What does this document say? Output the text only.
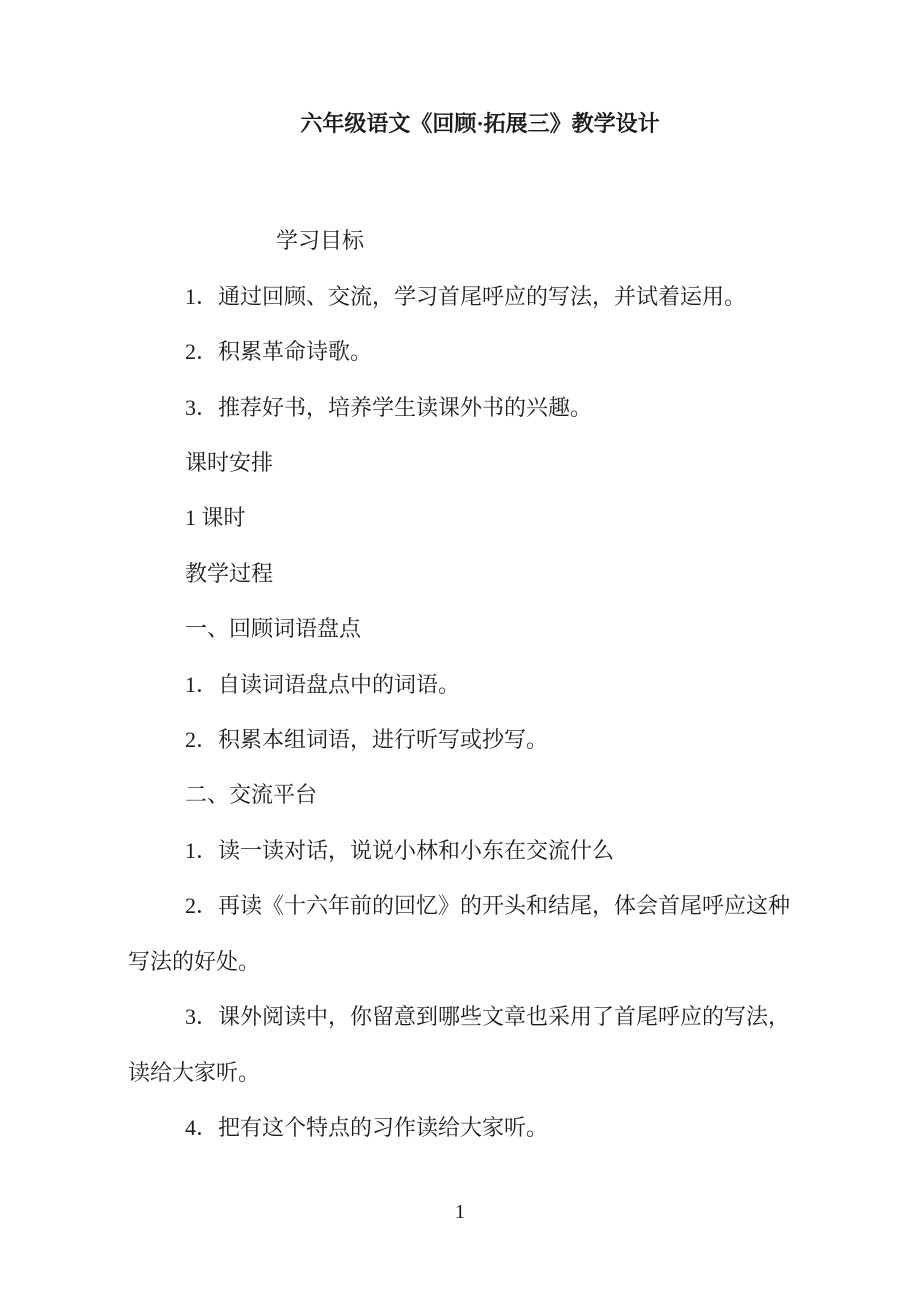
六年级语文《回顾·拓展三》教学设计

学习目标

1．通过回顾、交流，学习首尾呼应的写法，并试着运用。

2．积累革命诗歌。

3．推荐好书，培养学生读课外书的兴趣。

课时安排

1 课时

教学过程

一、回顾词语盘点

1．自读词语盘点中的词语。

2．积累本组词语，进行听写或抄写。

二、交流平台

1．读一读对话，说说小林和小东在交流什么

2．再读《十六年前的回忆》的开头和结尾，体会首尾呼应这种写法的好处。

3．课外阅读中，你留意到哪些文章也采用了首尾呼应的写法，读给大家听。

4．把有这个特点的习作读给大家听。

1
